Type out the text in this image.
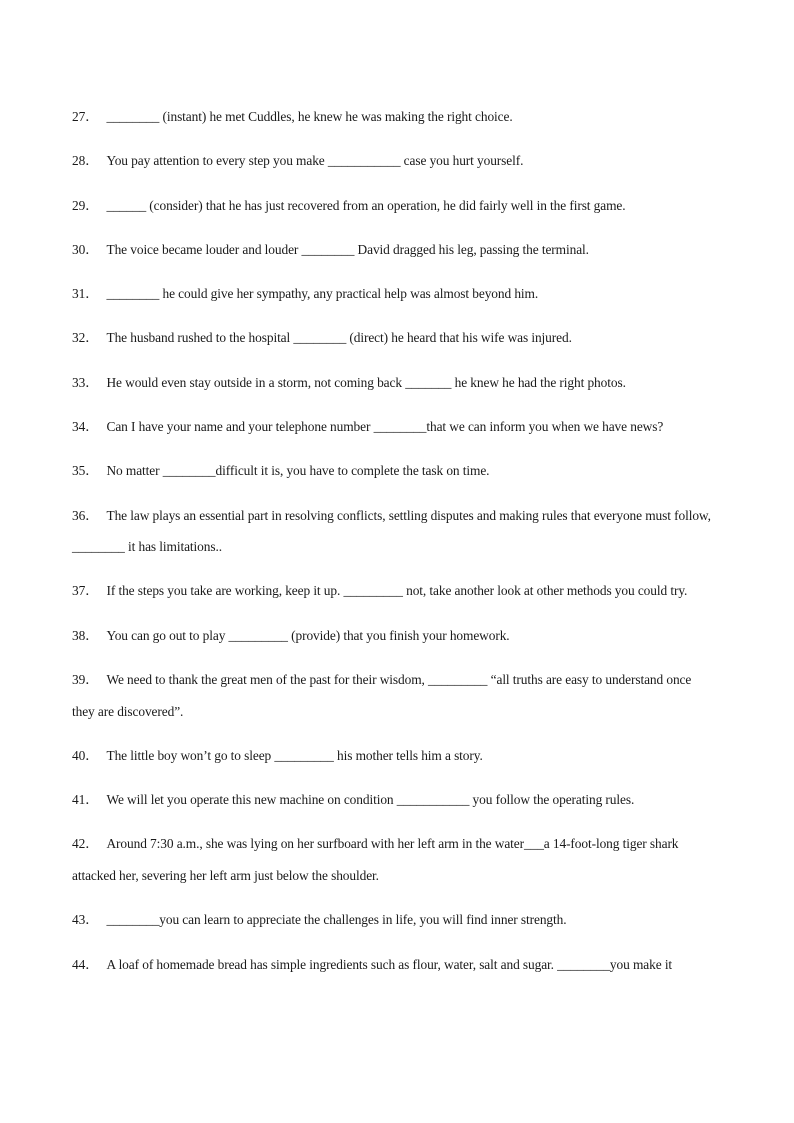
27． ________ (instant) he met Cuddles, he knew he was making the right choice.

28． You pay attention to every step you make ___________ case you hurt yourself.

29． ______ (consider) that he has just recovered from an operation, he did fairly well in the first game.

30． The voice became louder and louder ________ David dragged his leg, passing the terminal.

31． ________ he could give her sympathy, any practical help was almost beyond him.

32． The husband rushed to the hospital ________ (direct) he heard that his wife was injured.

33． He would even stay outside in a storm, not coming back _______ he knew he had the right photos.

34． Can I have your name and your telephone number ________that we can inform you when we have news?

35． No matter ________difficult it is, you have to complete the task on time.

36． The law plays an essential part in resolving conflicts, settling disputes and making rules that everyone must follow, ________ it has limitations..

37． If the steps you take are working, keep it up. _________ not, take another look at other methods you could try.

38． You can go out to play _________ (provide) that you finish your homework.

39． We need to thank the great men of the past for their wisdom, _________ “all truths are easy to understand once they are discovered”.

40． The little boy won’t go to sleep _________ his mother tells him a story.

41． We will let you operate this new machine on condition ___________ you follow the operating rules.

42． Around 7:30 a.m., she was lying on her surfboard with her left arm in the water___a 14-foot-long tiger shark attacked her, severing her left arm just below the shoulder.

43． ________you can learn to appreciate the challenges in life, you will find inner strength.

44． A loaf of homemade bread has simple ingredients such as flour, water, salt and sugar. ________you make it
